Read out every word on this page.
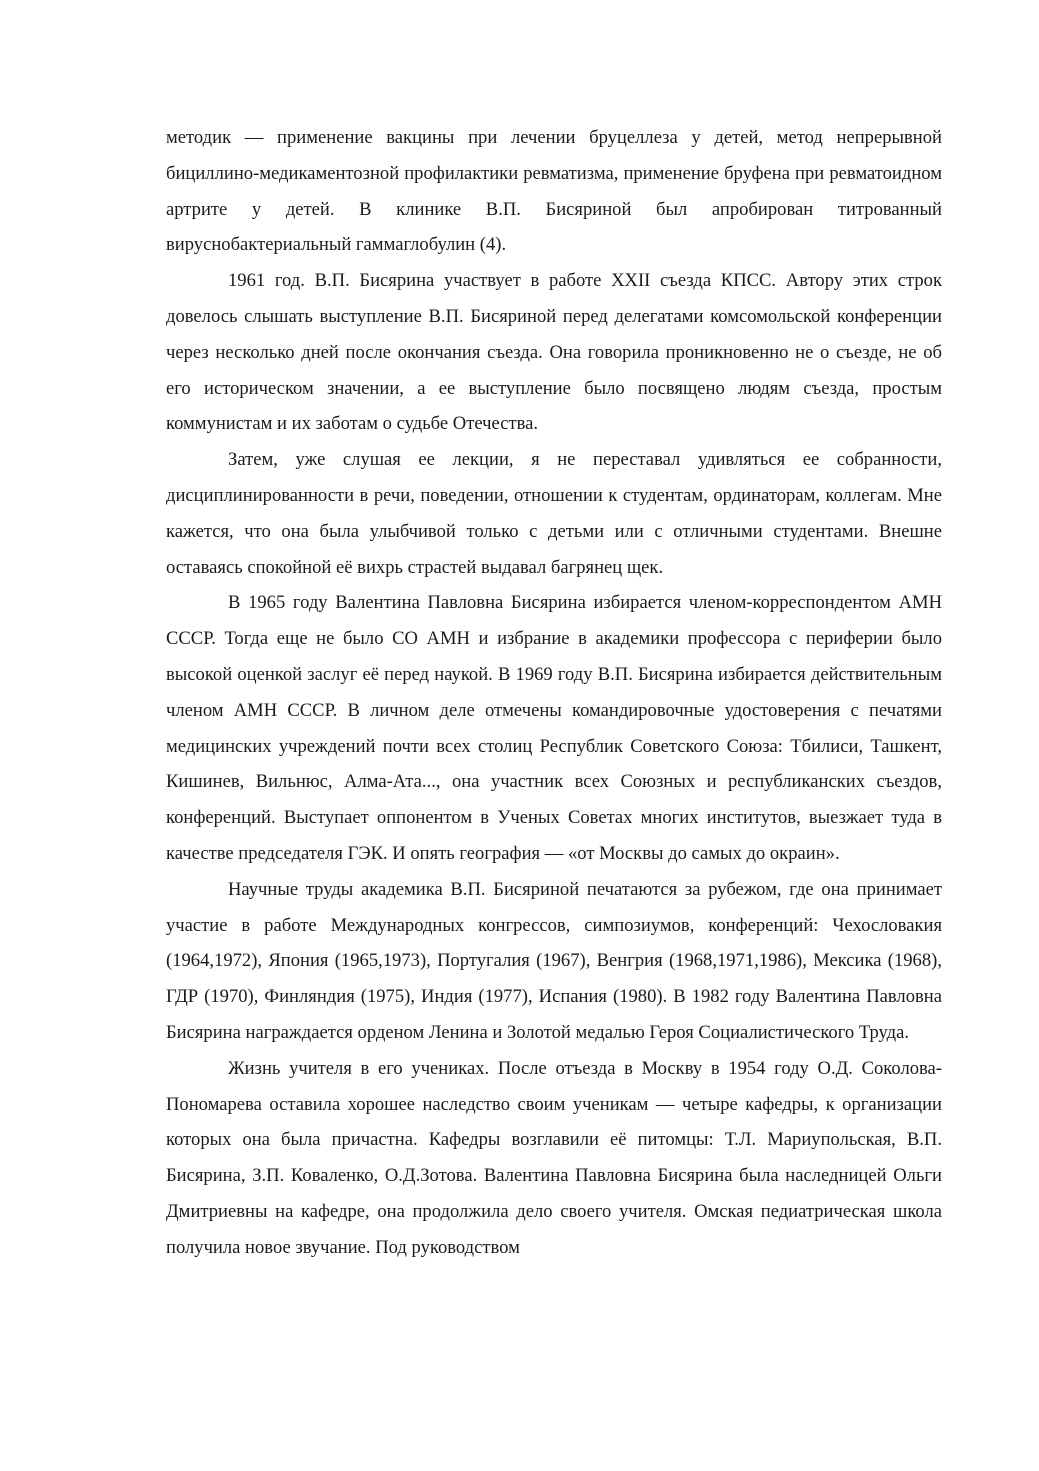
методик — применение вакцины при лечении бруцеллеза у детей, метод непрерывной бициллино-медикаментозной профилактики ревматизма, применение бруфена при ревматоидном артрите у детей. В клинике В.П. Бисяриной был апробирован титрованный вируснобактериальный гаммаглобулин (4).

1961 год. В.П. Бисярина участвует в работе XXII съезда КПСС. Автору этих строк довелось слышать выступление В.П. Бисяриной перед делегатами комсомольской конференции через несколько дней после окончания съезда. Она говорила проникновенно не о съезде, не об его историческом значении, а ее выступление было посвящено людям съезда, простым коммунистам и их заботам о судьбе Отечества.

Затем, уже слушая ее лекции, я не переставал удивляться ее собранности, дисциплинированности в речи, поведении, отношении к студентам, ординаторам, коллегам. Мне кажется, что она была улыбчивой только с детьми или с отличными студентами. Внешне оставаясь спокойной её вихрь страстей выдавал багрянец щек.

В 1965 году Валентина Павловна Бисярина избирается членом-корреспондентом АМН СССР. Тогда еще не было СО АМН и избрание в академики профессора с периферии было высокой оценкой заслуг её перед наукой. В 1969 году В.П. Бисярина избирается действительным членом АМН СССР. В личном деле отмечены командировочные удостоверения с печатями медицинских учреждений почти всех столиц Республик Советского Союза: Тбилиси, Ташкент, Кишинев, Вильнюс, Алма-Ата..., она участник всех Союзных и республиканских съездов, конференций. Выступает оппонентом в Ученых Советах многих институтов, выезжает туда в качестве председателя ГЭК. И опять география — «от Москвы до самых до окраин».

Научные труды академика В.П. Бисяриной печатаются за рубежом, где она принимает участие в работе Международных конгрессов, симпозиумов, конференций: Чехословакия (1964,1972), Япония (1965,1973), Португалия (1967), Венгрия (1968,1971,1986), Мексика (1968), ГДР (1970), Финляндия (1975), Индия (1977), Испания (1980). В 1982 году Валентина Павловна Бисярина награждается орденом Ленина и Золотой медалью Героя Социалистического Труда.

Жизнь учителя в его учениках. После отъезда в Москву в 1954 году О.Д. Соколова-Пономарева оставила хорошее наследство своим ученикам — четыре кафедры, к организации которых она была причастна. Кафедры возглавили её питомцы: Т.Л. Мариупольская, В.П. Бисярина, З.П. Коваленко, О.Д.Зотова. Валентина Павловна Бисярина была наследницей Ольги Дмитриевны на кафедре, она продолжила дело своего учителя. Омская педиатрическая школа получила новое звучание. Под руководством
